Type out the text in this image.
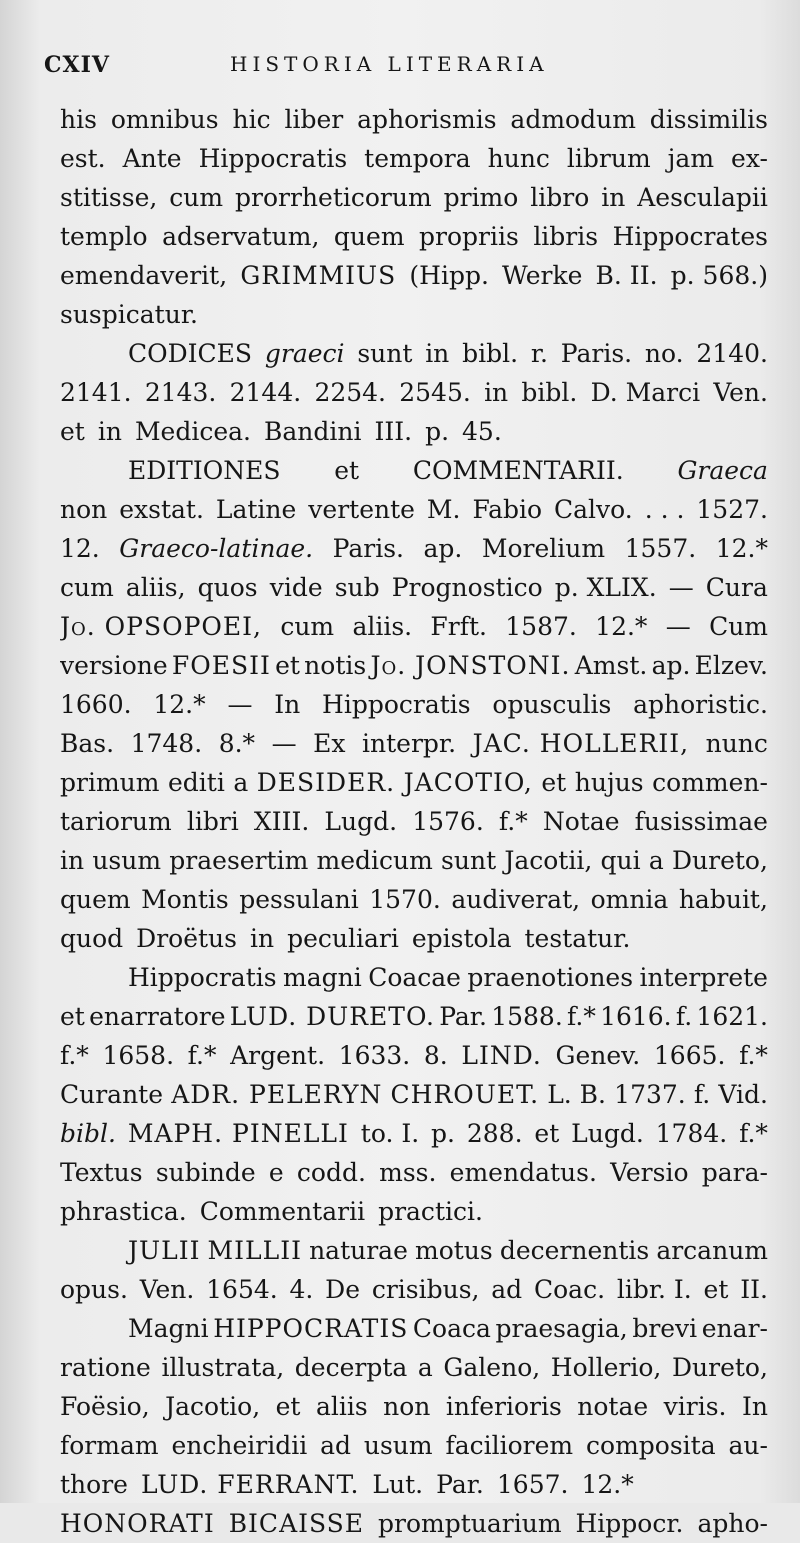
CXIV	HISTORIA LITERARIA
his omnibus hic liber aphorismis admodum dissimilis
est. Ante Hippocratis tempora hunc librum jam ex-
stitisse, cum prorrheticorum primo libro in Aesculapii
templo adservatum, quem propriis libris Hippocrates
emendaverit, GRIMMIUS (Hipp. Werke B. II. p. 568.)
suspicatur.
CODICES graeci sunt in bibl. r. Paris. no. 2140.
2141. 2143. 2144. 2254. 2545. in bibl. D. Marci Ven.
et in Medicea. Bandini III. p. 45.
EDITIONES et COMMENTARII. Graeca
non exstat. Latine vertente M. Fabio Calvo. . . . 1527.
12. Graeco-latinae. Paris. ap. Morelium 1557. 12.*
cum aliis, quos vide sub Prognostico p. XLIX. — Cura
Jo. OPSOPOEI, cum aliis. Frft. 1587. 12.* — Cum
versione FOESII et notis Jo. JONSTONI. Amst. ap. Elzev.
1660. 12.* — In Hippocratis opusculis aphoristic.
Bas. 1748. 8.* — Ex interpr. JAC. HOLLERII, nunc
primum editi a DESIDER. JACOTIO, et hujus commen-
tariorum libri XIII. Lugd. 1576. f.* Notae fusissimae
in usum praesertim medicum sunt Jacotii, qui a Dureto,
quem Montis pessulani 1570. audiverat, omnia habuit,
quod Droëtus in peculiari epistola testatur.
Hippocratis magni Coacae praenotiones interprete
et enarratore LUD. DURETO. Par. 1588. f.* 1616. f. 1621.
f.* 1658. f.* Argent. 1633. 8. LIND. Genev. 1665. f.*
Curante ADR. PELERYN CHROUET. L. B. 1737. f. Vid.
bibl. MAPH. PINELLI to. I. p. 288. et Lugd. 1784. f.*
Textus subinde e codd. mss. emendatus. Versio para-
phrastica. Commentarii practici.
JULII MILLII naturae motus decernentis arcanum
opus. Ven. 1654. 4. De crisibus, ad Coac. libr. I. et II.
Magni HIPPOCRATIS Coaca praesagia, brevi enar-
ratione illustrata, decerpta a Galeno, Hollerio, Dureto,
Foësio, Jacotio, et aliis non inferioris notae viris. In
formam encheiridii ad usum faciliorem composita au-
thore LUD. FERRANT. Lut. Par. 1657. 12.*
HONORATI BICAISSE promptuarium Hippocr. apho-
